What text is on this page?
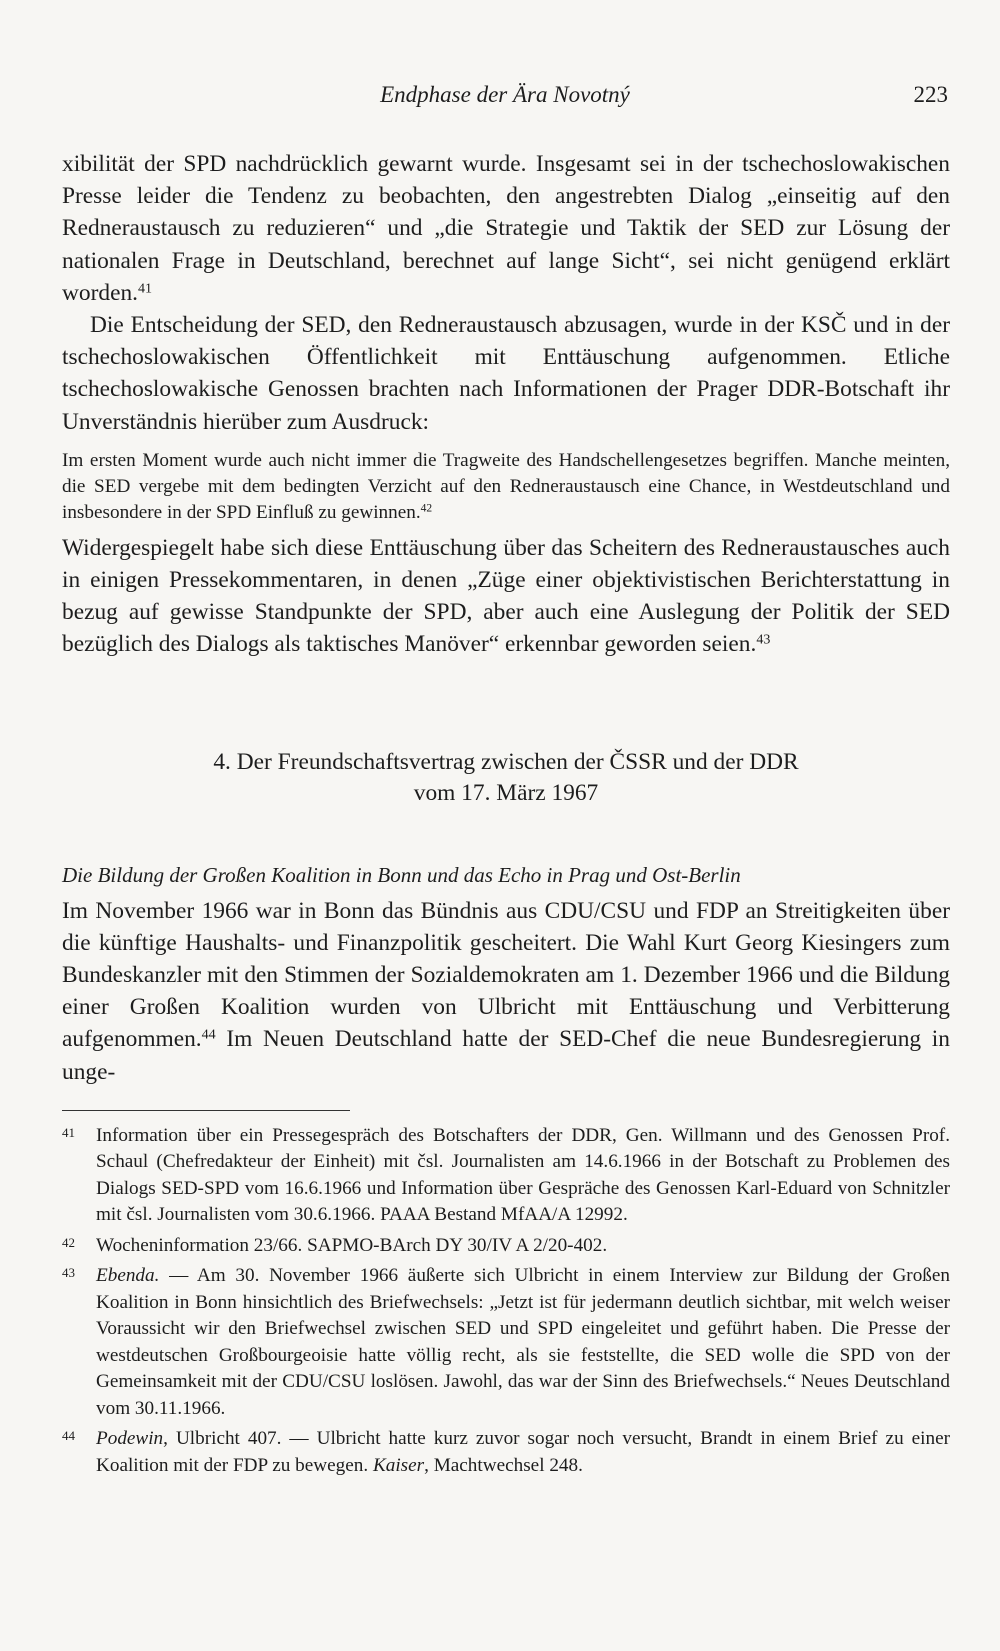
Endphase der Ära Novotný	223

xibilität der SPD nachdrücklich gewarnt wurde. Insgesamt sei in der tschechoslowakischen Presse leider die Tendenz zu beobachten, den angestrebten Dialog „einseitig auf den Redneraustausch zu reduzieren“ und „die Strategie und Taktik der SED zur Lösung der nationalen Frage in Deutschland, berechnet auf lange Sicht“, sei nicht genügend erklärt worden.$^{41}$

Die Entscheidung der SED, den Redneraustausch abzusagen, wurde in der KSČ und in der tschechoslowakischen Öffentlichkeit mit Enttäuschung aufgenommen. Etliche tschechoslowakische Genossen brachten nach Informationen der Prager DDR-Botschaft ihr Unverständnis hierüber zum Ausdruck:

Im ersten Moment wurde auch nicht immer die Tragweite des Handschellengesetzes begriffen. Manche meinten, die SED vergebe mit dem bedingten Verzicht auf den Redneraustausch eine Chance, in Westdeutschland und insbesondere in der SPD Einfluß zu gewinnen.$^{42}$

Widergespiegelt habe sich diese Enttäuschung über das Scheitern des Redneraustausches auch in einigen Pressekommentaren, in denen „Züge einer objektivistischen Berichterstattung in bezug auf gewisse Standpunkte der SPD, aber auch eine Auslegung der Politik der SED bezüglich des Dialogs als taktisches Manöver“ erkennbar geworden seien.$^{43}$

4. Der Freundschaftsvertrag zwischen der ČSSR und der DDR
vom 17. März 1967
Die Bildung der Großen Koalition in Bonn und das Echo in Prag und Ost-Berlin

Im November 1966 war in Bonn das Bündnis aus CDU/CSU und FDP an Streitigkeiten über die künftige Haushalts- und Finanzpolitik gescheitert. Die Wahl Kurt Georg Kiesingers zum Bundeskanzler mit den Stimmen der Sozialdemokraten am 1. Dezember 1966 und die Bildung einer Großen Koalition wurden von Ulbricht mit Enttäuschung und Verbitterung aufgenommen.$^{44}$ Im Neuen Deutschland hatte der SED-Chef die neue Bundesregierung in unge-

41 Information über ein Pressegespräch des Botschafters der DDR, Gen. Willmann und des Genossen Prof. Schaul (Chefredakteur der Einheit) mit čsl. Journalisten am 14.6.1966 in der Botschaft zu Problemen des Dialogs SED-SPD vom 16.6.1966 und Information über Gespräche des Genossen Karl-Eduard von Schnitzler mit čsl. Journalisten vom 30.6.1966. PAAA Bestand MfAA/A 12992.
42 Wocheninformation 23/66. SAPMO-BArch DY 30/IV A 2/20-402.
43 Ebenda. — Am 30. November 1966 äußerte sich Ulbricht in einem Interview zur Bildung der Großen Koalition in Bonn hinsichtlich des Briefwechsels: „Jetzt ist für jedermann deutlich sichtbar, mit welch weiser Voraussicht wir den Briefwechsel zwischen SED und SPD eingeleitet und geführt haben. Die Presse der westdeutschen Großbourgeoisie hatte völlig recht, als sie feststellte, die SED wolle die SPD von der Gemeinsamkeit mit der CDU/CSU loslösen. Jawohl, das war der Sinn des Briefwechsels.“ Neues Deutschland vom 30.11.1966.
44 Podewin, Ulbricht 407. — Ulbricht hatte kurz zuvor sogar noch versucht, Brandt in einem Brief zu einer Koalition mit der FDP zu bewegen. Kaiser, Machtwechsel 248.
